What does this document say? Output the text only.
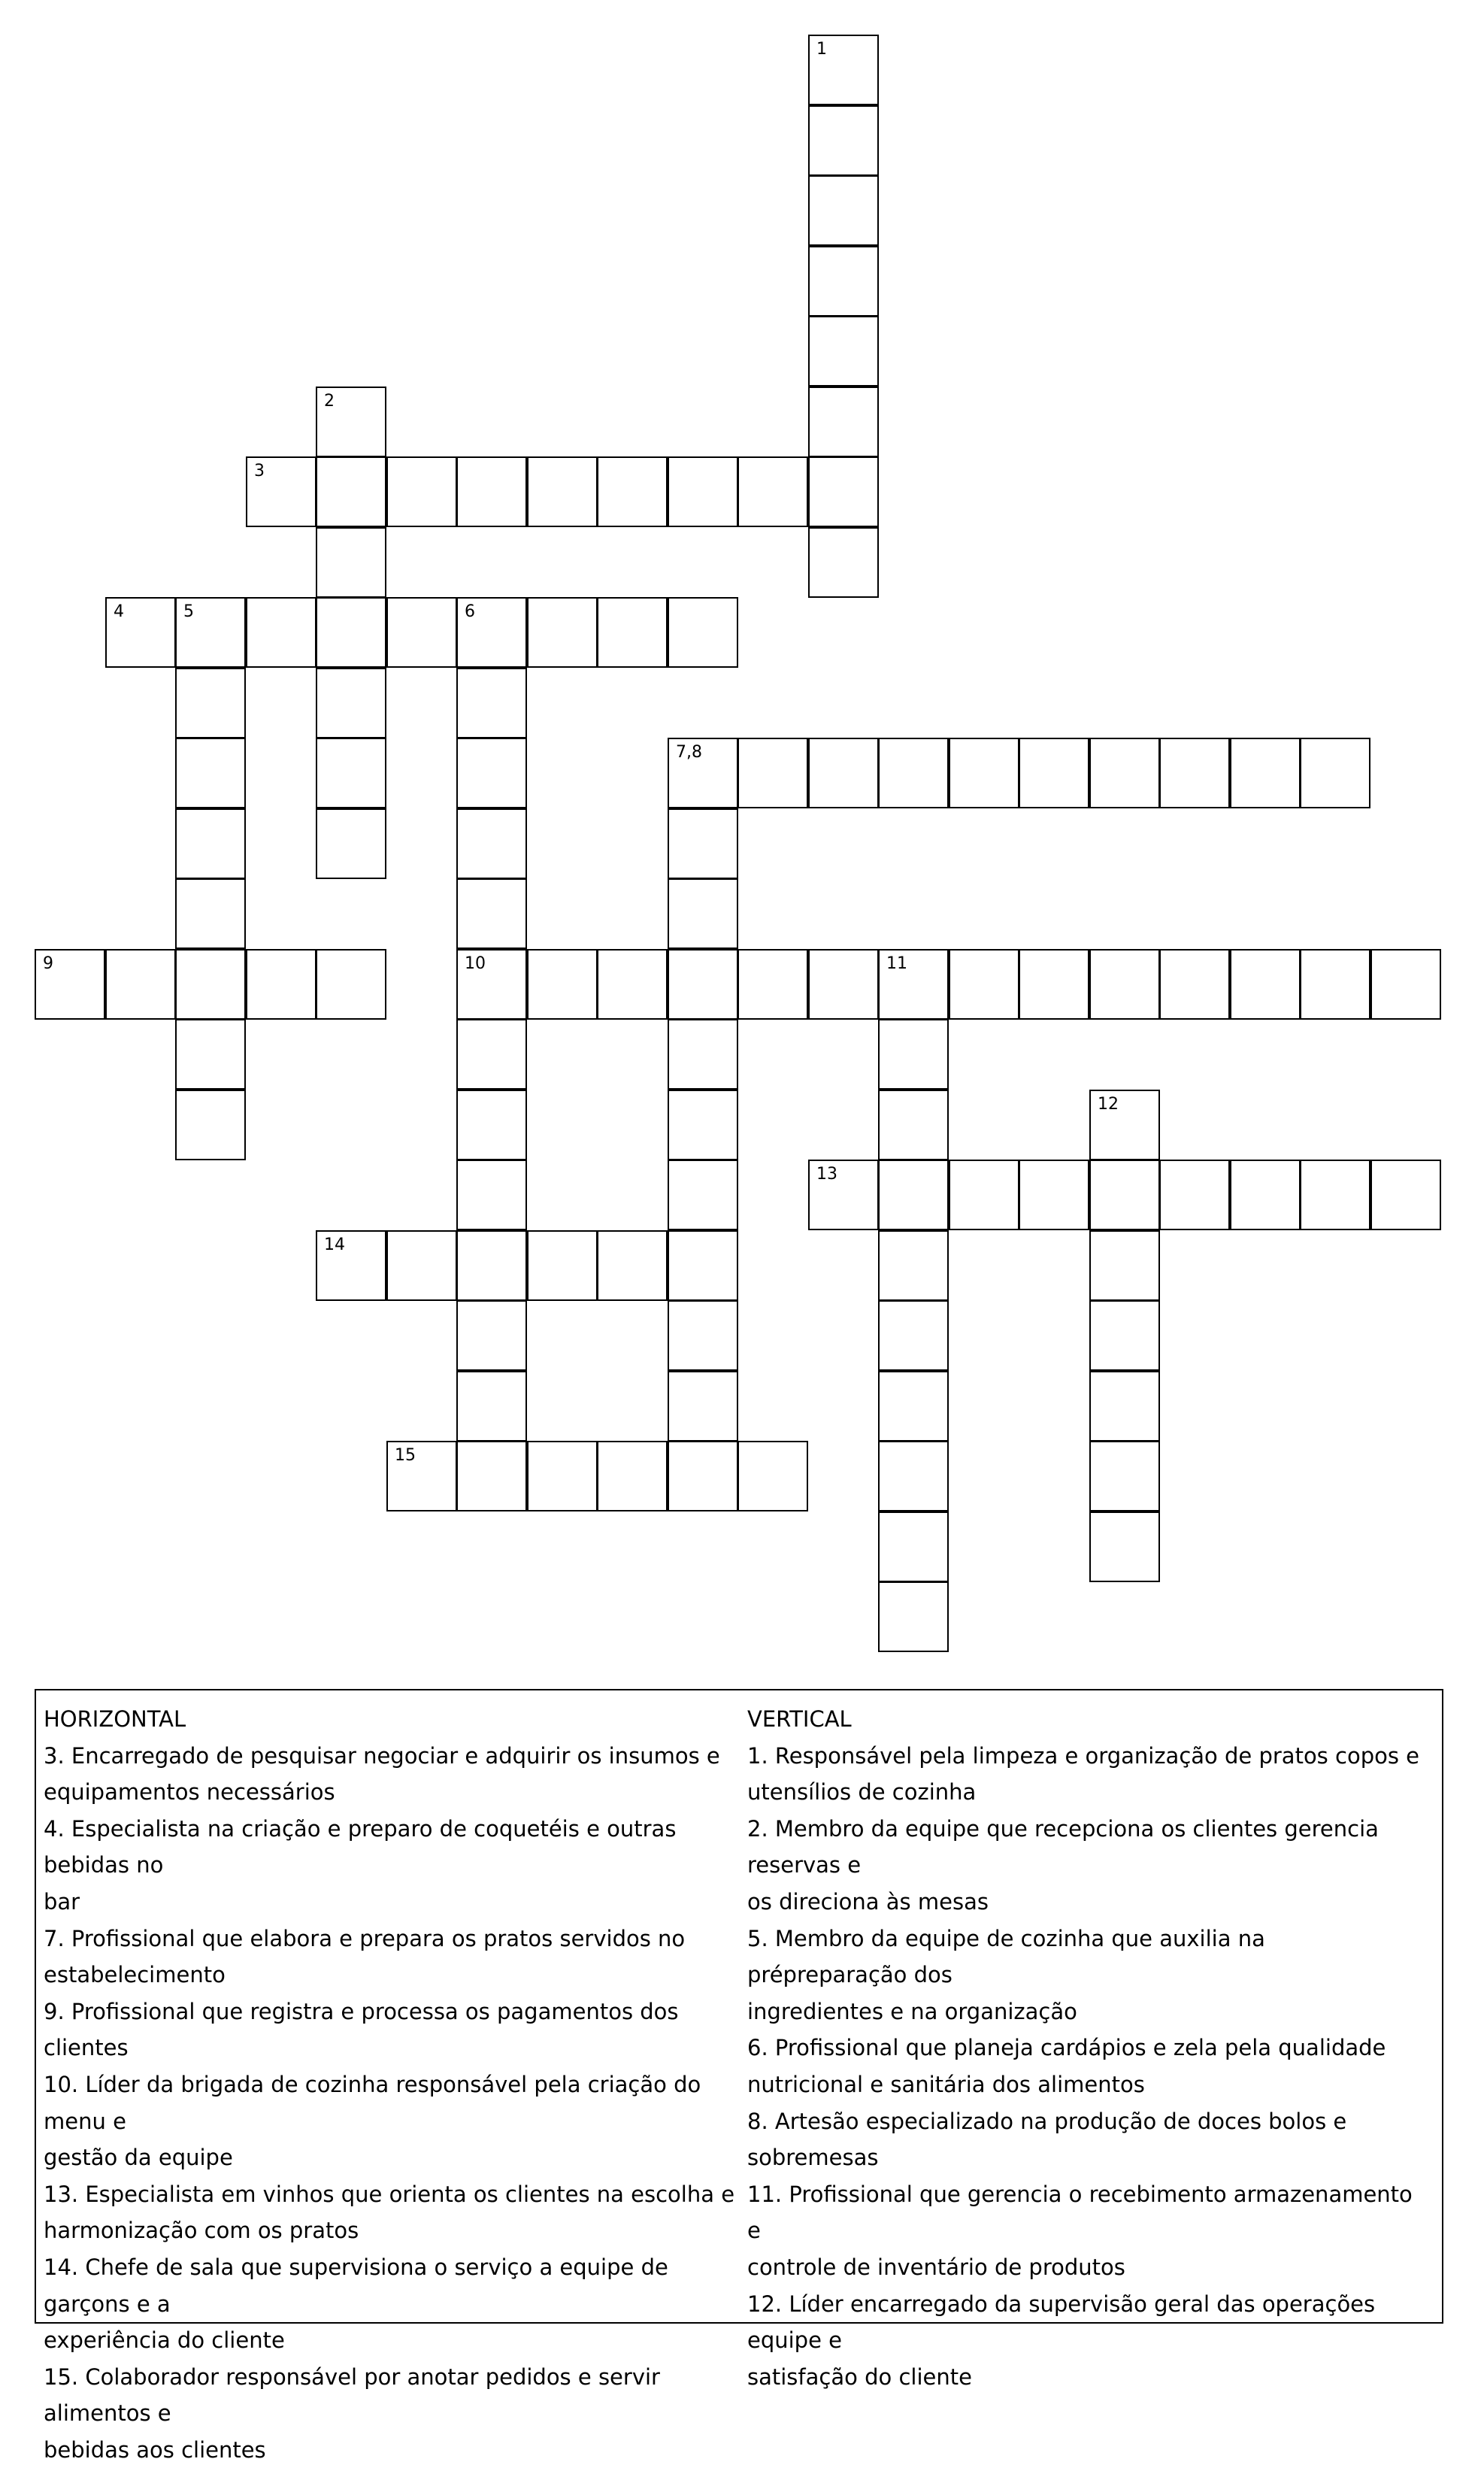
1
2
3
4	5	6
10
7,8
9	11
12
13
14
15
HORIZONTAL
3. Encarregado de pesquisar negociar e adquirir os insumos e
equipamentos necessários
4. Especialista na criação e preparo de coquetéis e outras bebidas no
bar
7. Profissional que elabora e prepara os pratos servidos no
estabelecimento
9. Profissional que registra e processa os pagamentos dos clientes
10. Líder da brigada de cozinha responsável pela criação do menu e
gestão da equipe
13. Especialista em vinhos que orienta os clientes na escolha e
harmonização com os pratos
14. Chefe de sala que supervisiona o serviço a equipe de garçons e a
experiência do cliente
15. Colaborador responsável por anotar pedidos e servir alimentos e
bebidas aos clientes
VERTICAL
1. Responsável pela limpeza e organização de pratos copos e
utensílios de cozinha
2. Membro da equipe que recepciona os clientes gerencia reservas e
os direciona às mesas
5. Membro da equipe de cozinha que auxilia na prépreparação dos
ingredientes e na organização
6. Profissional que planeja cardápios e zela pela qualidade
nutricional e sanitária dos alimentos
8. Artesão especializado na produção de doces bolos e sobremesas
11. Profissional que gerencia o recebimento armazenamento e
controle de inventário de produtos
12. Líder encarregado da supervisão geral das operações equipe e
satisfação do cliente
